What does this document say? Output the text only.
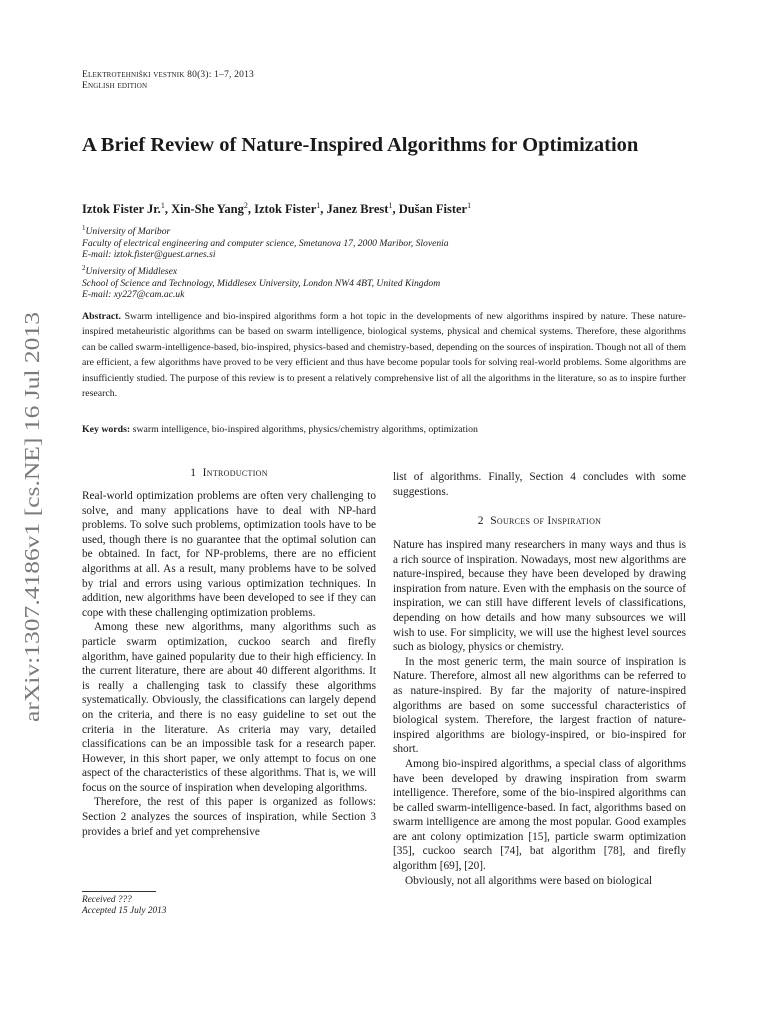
Elektrotehniški vestnik 80(3): 1–7, 2013
English edition
A Brief Review of Nature-Inspired Algorithms for Optimization
Iztok Fister Jr.$^1$, Xin-She Yang$^2$, Iztok Fister$^1$, Janez Brest$^1$, Dušan Fister$^1$
$^1$University of Maribor
Faculty of electrical engineering and computer science, Smetanova 17, 2000 Maribor, Slovenia
E-mail: iztok.fister@guest.arnes.si
$^2$University of Middlesex
School of Science and Technology, Middlesex University, London NW4 4BT, United Kingdom
E-mail: xy227@cam.ac.uk
Abstract. Swarm intelligence and bio-inspired algorithms form a hot topic in the developments of new algorithms inspired by nature. These nature-inspired metaheuristic algorithms can be based on swarm intelligence, biological systems, physical and chemical systems. Therefore, these algorithms can be called swarm-intelligence-based, bio-inspired, physics-based and chemistry-based, depending on the sources of inspiration. Though not all of them are efficient, a few algorithms have proved to be very efficient and thus have become popular tools for solving real-world problems. Some algorithms are insufficiently studied. The purpose of this review is to present a relatively comprehensive list of all the algorithms in the literature, so as to inspire further research.
Key words: swarm intelligence, bio-inspired algorithms, physics/chemistry algorithms, optimization
1 Introduction

Real-world optimization problems are often very challenging to solve, and many applications have to deal with NP-hard problems. To solve such problems, optimization tools have to be used, though there is no guarantee that the optimal solution can be obtained. In fact, for NP-problems, there are no efficient algorithms at all. As a result, many problems have to be solved by trial and errors using various optimization techniques. In addition, new algorithms have been developed to see if they can cope with these challenging optimization problems.

Among these new algorithms, many algorithms such as particle swarm optimization, cuckoo search and firefly algorithm, have gained popularity due to their high efficiency. In the current literature, there are about 40 different algorithms. It is really a challenging task to classify these algorithms systematically. Obviously, the classifications can largely depend on the criteria, and there is no easy guideline to set out the criteria in the literature. As criteria may vary, detailed classifications can be an impossible task for a research paper. However, in this short paper, we only attempt to focus on one aspect of the characteristics of these algorithms. That is, we will focus on the source of inspiration when developing algorithms.

Therefore, the rest of this paper is organized as follows: Section 2 analyzes the sources of inspiration, while Section 3 provides a brief and yet comprehensive

list of algorithms. Finally, Section 4 concludes with some suggestions.

2 Sources of Inspiration

Nature has inspired many researchers in many ways and thus is a rich source of inspiration. Nowadays, most new algorithms are nature-inspired, because they have been developed by drawing inspiration from nature. Even with the emphasis on the source of inspiration, we can still have different levels of classifications, depending on how details and how many subsources we will wish to use. For simplicity, we will use the highest level sources such as biology, physics or chemistry.

In the most generic term, the main source of inspiration is Nature. Therefore, almost all new algorithms can be referred to as nature-inspired. By far the majority of nature-inspired algorithms are based on some successful characteristics of biological system. Therefore, the largest fraction of nature-inspired algorithms are biology-inspired, or bio-inspired for short.

Among bio-inspired algorithms, a special class of algorithms have been developed by drawing inspiration from swarm intelligence. Therefore, some of the bio-inspired algorithms can be called swarm-intelligence-based. In fact, algorithms based on swarm intelligence are among the most popular. Good examples are ant colony optimization [15], particle swarm optimization [35], cuckoo search [74], bat algorithm [78], and firefly algorithm [69], [20].

Obviously, not all algorithms were based on biological

Received ???
Accepted 15 July 2013
arXiv:1307.4186v1 [cs.NE] 16 Jul 2013
